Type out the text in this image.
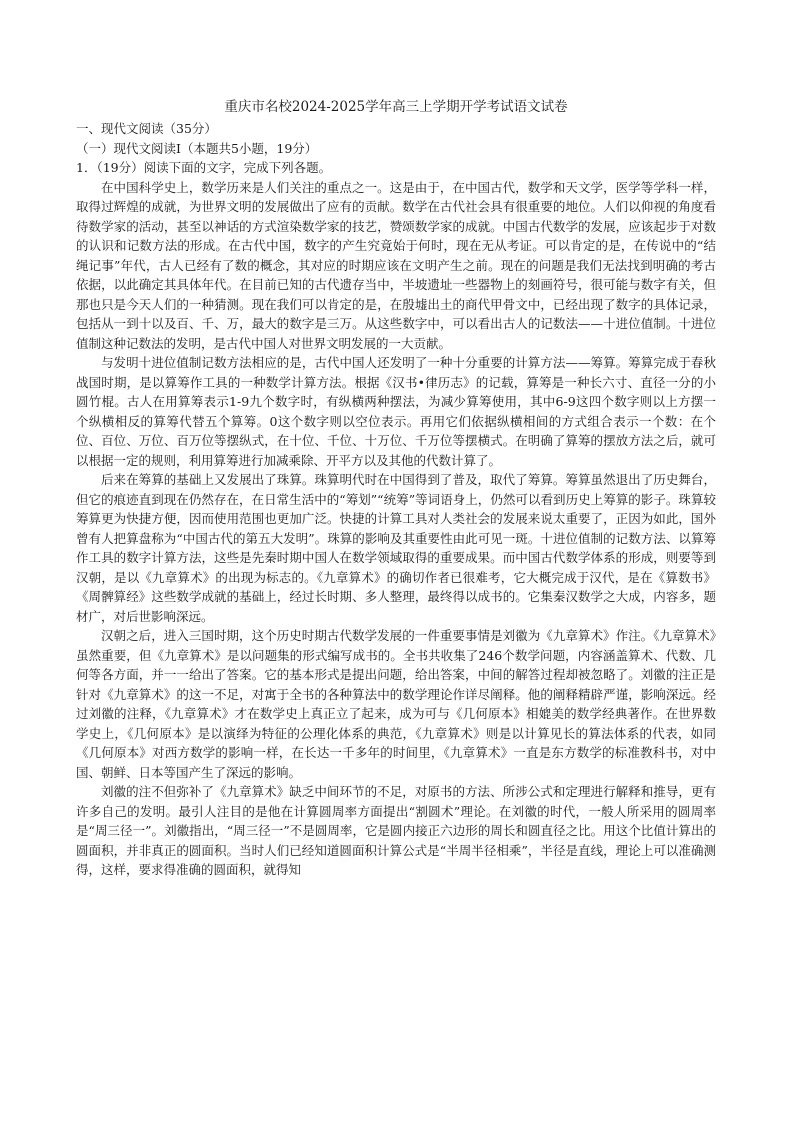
重庆市名校2024-2025学年高三上学期开学考试语文试卷

一、现代文阅读（35分）

（一）现代文阅读Ⅰ（本题共5小题，19分）

1．（19分）阅读下面的文字，完成下列各题。

在中国科学史上，数学历来是人们关注的重点之一。这是由于，在中国古代，数学和天文学，医学等学科一样，取得过辉煌的成就，为世界文明的发展做出了应有的贡献。数学在古代社会具有很重要的地位。人们以仰视的角度看待数学家的活动，甚至以神话的方式渲染数学家的技艺，赞颂数学家的成就。中国古代数学的发展，应该起步于对数的认识和记数方法的形成。在古代中国，数字的产生究竟始于何时，现在无从考证。可以肯定的是，在传说中的“结绳记事”年代，古人已经有了数的概念，其对应的时期应该在文明产生之前。现在的问题是我们无法找到明确的考古依据，以此确定其具体年代。在目前已知的古代遗存当中，半坡遗址一些器物上的刻画符号，很可能与数字有关，但那也只是今天人们的一种猜测。现在我们可以肯定的是，在殷墟出土的商代甲骨文中，已经出现了数字的具体记录，包括从一到十以及百、千、万，最大的数字是三万。从这些数字中，可以看出古人的记数法——十进位值制。十进位值制这种记数法的发明，是古代中国人对世界文明发展的一大贡献。

与发明十进位值制记数方法相应的是，古代中国人还发明了一种十分重要的计算方法——筹算。筹算完成于春秋战国时期，是以算筹作工具的一种数学计算方法。根据《汉书•律历志》的记载，算筹是一种长六寸、直径一分的小圆竹棍。古人在用算筹表示1-9九个数字时，有纵横两种摆法，为减少算筹使用，其中6-9这四个数字则以上方摆一个纵横相反的算筹代替五个算筹。0这个数字则以空位表示。再用它们依据纵横相间的方式组合表示一个数：在个位、百位、万位、百万位等摆纵式，在十位、千位、十万位、千万位等摆横式。在明确了算筹的摆放方法之后，就可以根据一定的规则，利用算筹进行加减乘除、开平方以及其他的代数计算了。

后来在筹算的基础上又发展出了珠算。珠算明代时在中国得到了普及，取代了筹算。筹算虽然退出了历史舞台，但它的痕迹直到现在仍然存在，在日常生活中的“筹划”“统筹”等词语身上，仍然可以看到历史上筹算的影子。珠算较筹算更为快捷方便，因而使用范围也更加广泛。快捷的计算工具对人类社会的发展来说太重要了，正因为如此，国外曾有人把算盘称为“中国古代的第五大发明”。珠算的影响及其重要性由此可见一斑。十进位值制的记数方法、以算筹作工具的数字计算方法，这些是先秦时期中国人在数学领域取得的重要成果。而中国古代数学体系的形成，则要等到汉朝，是以《九章算术》的出现为标志的。《九章算术》的确切作者已很难考，它大概完成于汉代，是在《算数书》《周髀算经》这些数学成就的基础上，经过长时期、多人整理，最终得以成书的。它集秦汉数学之大成，内容多，题材广，对后世影响深远。

汉朝之后，进入三国时期，这个历史时期古代数学发展的一件重要事情是刘徽为《九章算术》作注。《九章算术》虽然重要，但《九章算术》是以问题集的形式编写成书的。全书共收集了246个数学问题，内容涵盖算术、代数、几何等各方面，并一一给出了答案。它的基本形式是提出问题，给出答案，中间的解答过程却被忽略了。刘徽的注正是针对《九章算术》的这一不足，对寓于全书的各种算法中的数学理论作详尽阐释。他的阐释精辟严谨，影响深远。经过刘徽的注释，《九章算术》才在数学史上真正立了起来，成为可与《几何原本》相媲美的数学经典著作。在世界数学史上，《几何原本》是以演绎为特征的公理化体系的典范，《九章算术》则是以计算见长的算法体系的代表，如同《几何原本》对西方数学的影响一样，在长达一千多年的时间里，《九章算术》一直是东方数学的标准教科书，对中国、朝鲜、日本等国产生了深远的影响。

刘徽的注不但弥补了《九章算术》缺乏中间环节的不足，对原书的方法、所涉公式和定理进行解释和推导，更有许多自己的发明。最引人注目的是他在计算圆周率方面提出“割圆术”理论。在刘徽的时代，一般人所采用的圆周率是“周三径一”。刘徽指出，“周三径一”不是圆周率，它是圆内接正六边形的周长和圆直径之比。用这个比值计算出的圆面积，并非真正的圆面积。当时人们已经知道圆面积计算公式是“半周半径相乘”，半径是直线，理论上可以准确测得，这样，要求得准确的圆面积，就得知
